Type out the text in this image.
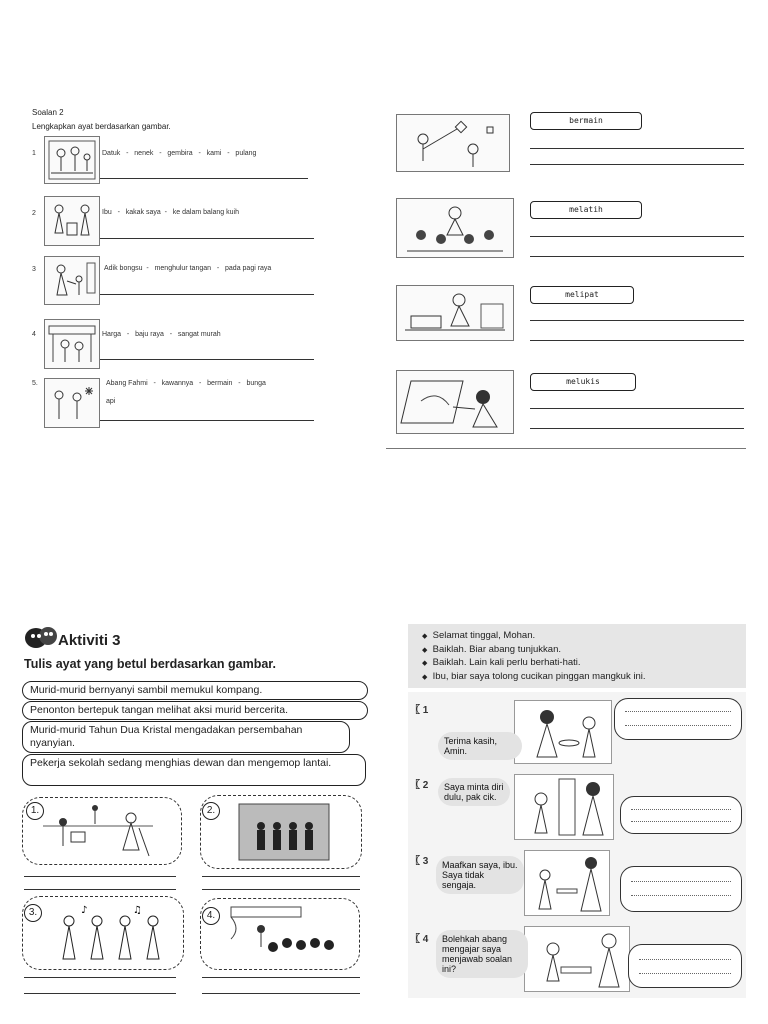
Soalan 2
Lengkapkan ayat berdasarkan gambar.
1	Datuk   -   nenek   -   gembira   -   kami   -   pulang
2	Ibu   -   kakak saya  -   ke dalam balang kuih
3	Adik bongsu  -   menghulur tangan   -   pada pagi raya
4	Harga   -   baju raya   -   sangat murah
5.	Abang Fahmi   -   kawannya   -   bermain   -   bunga
api
bermain
melatih
melipat
melukis
Aktiviti 3
Tulis ayat yang betul berdasarkan gambar.
Murid-murid bernyanyi sambil memukul kompang.
Penonton bertepuk tangan melihat aksi murid bercerita.
Murid-murid Tahun Dua Kristal mengadakan persembahan nyanyian.
Pekerja sekolah sedang menghias dewan dan mengemop lantai.
1.	2.
♪	♫
3.	4.
◆ Selamat tinggal, Mohan.
◆ Baiklah. Biar abang tunjukkan.
◆ Baiklah. Lain kali perlu berhati-hati.
◆ Ibu, biar saya tolong cucikan pinggan mangkuk ini.
〖 1
Terima kasih, Amin.
〖 2	Saya minta diri dulu, pak cik.
〖 3	Maafkan saya, ibu. Saya tidak sengaja.
〖 4	Bolehkah abang mengajar saya menjawab soalan ini?
